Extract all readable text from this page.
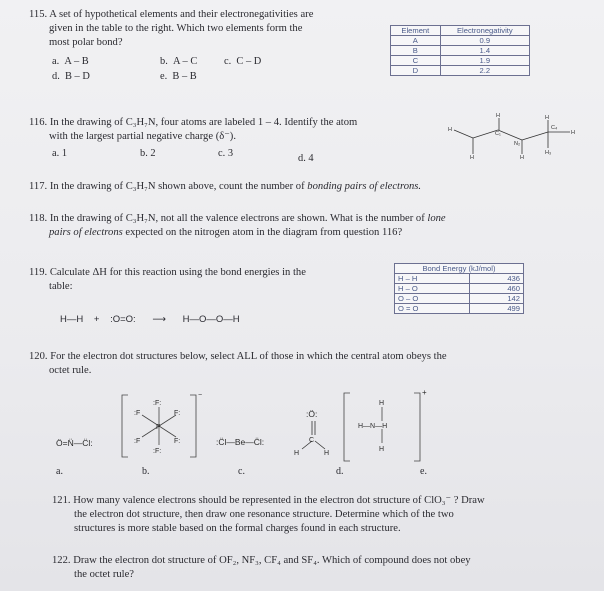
115. A set of hypothetical elements and their electronegativities are
given in the table to the right. Which two elements form the
most polar bond?
a. A – B	b. A – C	c. C – D
d. B – D	e. B – B
Element	Electronegativity
A	0.9
B	1.4
C	1.9
D	2.2
116. In the drawing of C₃H₇N, four atoms are labeled 1 – 4. Identify the atom
with the largest partial negative charge (δ⁻).
a. 1	b. 2	c. 3	d. 4
H
H
C₁
H
H
H
H₃
H
N₂
C₄
117. In the drawing of C₃H₇N shown above, count the number of bonding pairs of electrons.
118. In the drawing of C₃H₇N, not all the valence electrons are shown. What is the number of lone
pairs of electrons expected on the nitrogen atom in the diagram from question 116?
119. Calculate ΔH for this reaction using the bond energies in the
table:
H—H + :O=O: ⟶ H—O—O—H
Bond Energy (kJ/mol)	
H – H	436
H – O	460
O – O	142
O = O	499
120. For the electron dot structures below, select ALL of those in which the central atom obeys the
octet rule.
Ö=N̈—C̈l:
:F:
:F	F:
P
:F	F:
:F:
−
:C̈l—Be—C̈l:
:Ö:
C
H	H
H
H—N—H
H
+
a.	b.	c.	d.	e.
121. How many valence electrons should be represented in the electron dot structure of ClO₃⁻ ? Draw
the electron dot structure, then draw one resonance structure. Determine which of the two
structures is more stable based on the formal charges found in each structure.
122. Draw the electron dot structure of OF₂, NF₃, CF₄ and SF₄. Which of compound does not obey
the octet rule?
